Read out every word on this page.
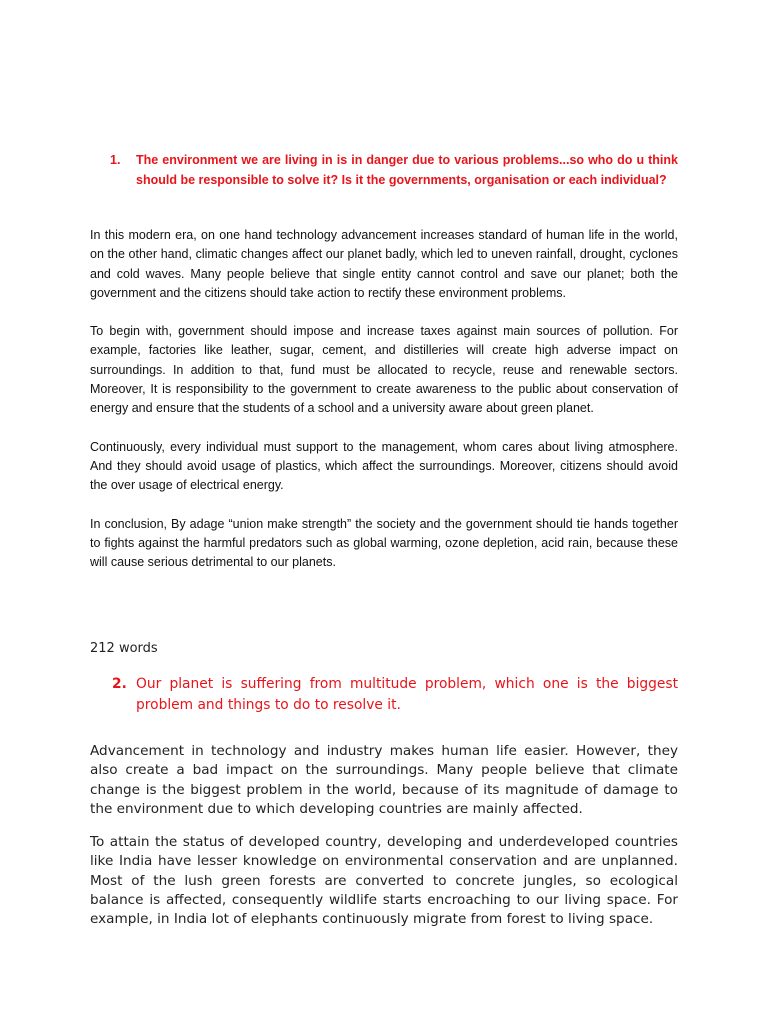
1. The environment we are living in is in danger due to various problems...so who do u think should be responsible to solve it? Is it the governments, organisation or each individual?

In this modern era, on one hand technology advancement increases standard of human life in the world, on the other hand, climatic changes affect our planet badly, which led to uneven rainfall, drought, cyclones and cold waves. Many people believe that single entity cannot control and save our planet; both the government and the citizens should take action to rectify these environment problems.

To begin with, government should impose and increase taxes against main sources of pollution. For example, factories like leather, sugar, cement, and distilleries will create high adverse impact on surroundings. In addition to that, fund must be allocated to recycle, reuse and renewable sectors. Moreover, It is responsibility to the government to create awareness to the public about conservation of energy and ensure that the students of a school and a university aware about green planet.

Continuously, every individual must support to the management, whom cares about living atmosphere. And they should avoid usage of plastics, which affect the surroundings. Moreover, citizens should avoid the over usage of electrical energy.

In conclusion, By adage “union make strength” the society and the government should tie hands together to fights against the harmful predators such as global warming, ozone depletion, acid rain, because these will cause serious detrimental to our planets.

212 words
2. Our planet is suffering from multitude problem, which one is the biggest problem and things to do to resolve it.

Advancement in technology and industry makes human life easier. However, they also create a bad impact on the surroundings. Many people believe that climate change is the biggest problem in the world, because of its magnitude of damage to the environment due to which developing countries are mainly affected.

To attain the status of developed country, developing and underdeveloped countries like India have lesser knowledge on environmental conservation and are unplanned. Most of the lush green forests are converted to concrete jungles, so ecological balance is affected, consequently wildlife starts encroaching to our living space. For example, in India lot of elephants continuously migrate from forest to living space.
